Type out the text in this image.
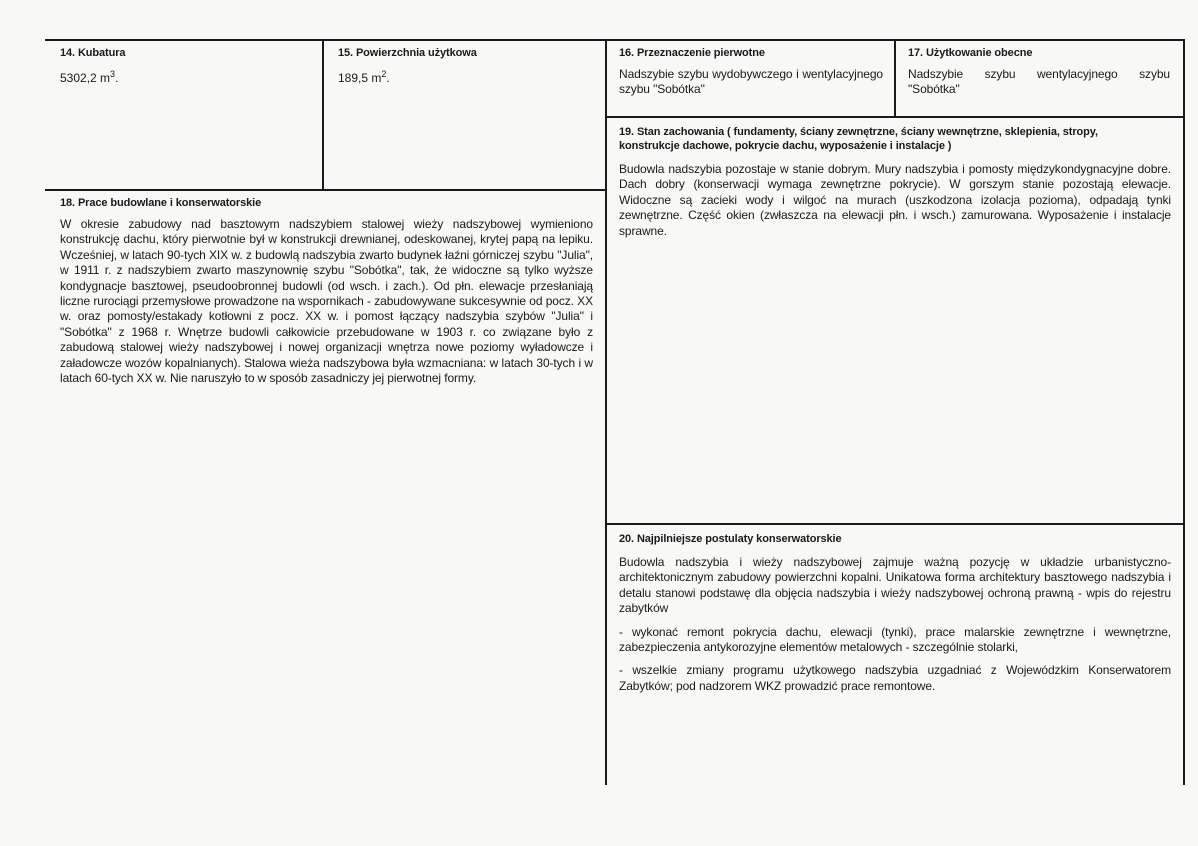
14. Kubatura
5302,2 $m^3$.
15. Powierzchnia użytkowa
189,5 $m^2$.
16. Przeznaczenie pierwotne
Nadszybie szybu wydobywczego i wentylacyjnego szybu "Sobótka"
17. Użytkowanie obecne
Nadszybie szybu wentylacyjnego szybu "Sobótka"
18. Prace budowlane i konserwatorskie
W okresie zabudowy nad basztowym nadszybiem stalowej wieży nadszybowej wymieniono konstrukcję dachu, który pierwotnie był w konstrukcji drewnianej, odeskowanej, krytej papą na lepiku. Wcześniej, w latach 90-tych XIX w. z budowlą nadszybia zwarto budynek łaźni górniczej szybu "Julia", w 1911 r. z nadszybiem zwarto maszynownię szybu "Sobótka", tak, że widoczne są tylko wyższe kondygnacje basztowej, pseudoobronnej budowli (od wsch. i zach.). Od płn. elewacje przesłaniają liczne rurociągi przemysłowe prowadzone na wspornikach - zabudowywane sukcesywnie od pocz. XX w. oraz pomosty/estakady kotłowni z pocz. XX w. i pomost łączący nadszybia szybów "Julia" i "Sobótka" z 1968 r. Wnętrze budowli całkowicie przebudowane w 1903 r. co związane było z zabudową stalowej wieży nadszybowej i nowej organizacji wnętrza nowe poziomy wyładowcze i załadowcze wozów kopalnianych). Stalowa wieża nadszybowa była wzmacniana: w latach 30-tych i w latach 60-tych XX w. Nie naruszyło to w sposób zasadniczy jej pierwotnej formy.
19. Stan zachowania ( fundamenty, ściany zewnętrzne, ściany wewnętrzne, sklepienia, stropy, konstrukcje dachowe, pokrycie dachu, wyposażenie i instalacje )
Budowla nadszybia pozostaje w stanie dobrym. Mury nadszybia i pomosty międzykondygnacyjne dobre. Dach dobry (konserwacji wymaga zewnętrzne pokrycie). W gorszym stanie pozostają elewacje. Widoczne są zacieki wody i wilgoć na murach (uszkodzona izolacja pozioma), odpadają tynki zewnętrzne. Część okien (zwłaszcza na elewacji płn. i wsch.) zamurowana. Wyposażenie i instalacje sprawne.
20. Najpilniejsze postulaty konserwatorskie

Budowla nadszybia i wieży nadszybowej zajmuje ważną pozycję w układzie urbanistyczno-architektonicznym zabudowy powierzchni kopalni. Unikatowa forma architektury basztowego nadszybia i detalu stanowi podstawę dla objęcia nadszybia i wieży nadszybowej ochroną prawną - wpis do rejestru zabytków

- wykonać remont pokrycia dachu, elewacji (tynki), prace malarskie zewnętrzne i wewnętrzne, zabezpieczenia antykorozyjne elementów metalowych - szczególnie stolarki,

- wszelkie zmiany programu użytkowego nadszybia uzgadniać z Wojewódzkim Konserwatorem Zabytków; pod nadzorem WKZ prowadzić prace remontowe.
